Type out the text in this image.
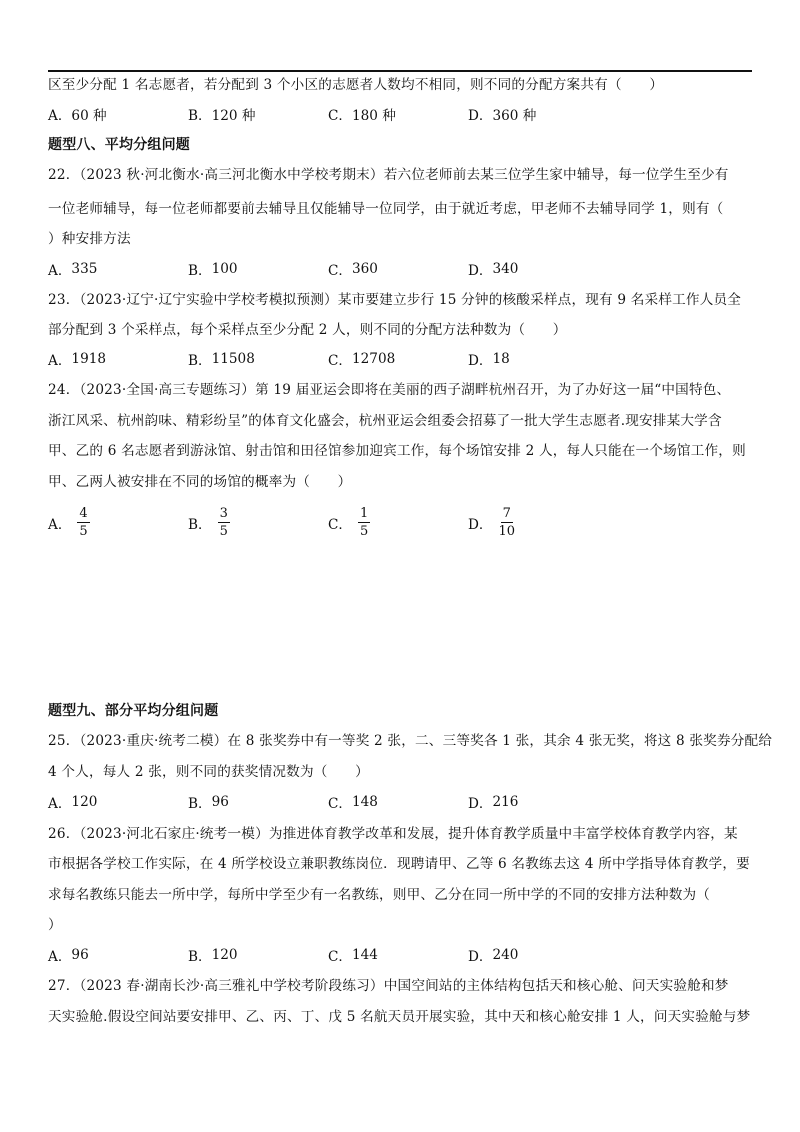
区至少分配 1 名志愿者，若分配到 3 个小区的志愿者人数均不相同，则不同的分配方案共有（　　）
A．60 种	B．120 种	C．180 种	D．360 种
题型八、平均分组问题
22．（2023 秋·河北衡水·高三河北衡水中学校考期末）若六位老师前去某三位学生家中辅导，每一位学生至少有
一位老师辅导，每一位老师都要前去辅导且仅能辅导一位同学，由于就近考虑，甲老师不去辅导同学 1，则有（
）种安排方法
A．335	B．100	C．360	D．340
23．（2023·辽宁·辽宁实验中学校考模拟预测）某市要建立步行 15 分钟的核酸采样点，现有 9 名采样工作人员全
部分配到 3 个采样点，每个采样点至少分配 2 人，则不同的分配方法种数为（　　）
A．1918	B．11508	C．12708	D．18
24．（2023·全国·高三专题练习）第 19 届亚运会即将在美丽的西子湖畔杭州召开，为了办好这一届“中国特色、
浙江风采、杭州韵味、精彩纷呈”的体育文化盛会，杭州亚运会组委会招募了一批大学生志愿者.现安排某大学含
甲、乙的 6 名志愿者到游泳馆、射击馆和田径馆参加迎宾工作，每个场馆安排 2 人，每人只能在一个场馆工作，则
甲、乙两人被安排在不同的场馆的概率为（　　）
A． $\frac{4}{5}$	B． $\frac{3}{5}$	C． $\frac{1}{5}$	D． $\frac{7}{10}$
题型九、部分平均分组问题
25．（2023·重庆·统考二模）在 8 张奖券中有一等奖 2 张，二、三等奖各 1 张，其余 4 张无奖，将这 8 张奖券分配给
4 个人，每人 2 张，则不同的获奖情况数为（　　）
A．120	B．96	C．148	D．216
26．（2023·河北石家庄·统考一模）为推进体育教学改革和发展，提升体育教学质量中丰富学校体育教学内容，某
市根据各学校工作实际，在 4 所学校设立兼职教练岗位．现聘请甲、乙等 6 名教练去这 4 所中学指导体育教学，要
求每名教练只能去一所中学，每所中学至少有一名教练，则甲、乙分在同一所中学的不同的安排方法种数为（
）
A．96	B．120	C．144	D．240
27．（2023 春·湖南长沙·高三雅礼中学校考阶段练习）中国空间站的主体结构包括天和核心舱、问天实验舱和梦
天实验舱.假设空间站要安排甲、乙、丙、丁、戊 5 名航天员开展实验，其中天和核心舱安排 1 人，问天实验舱与梦
